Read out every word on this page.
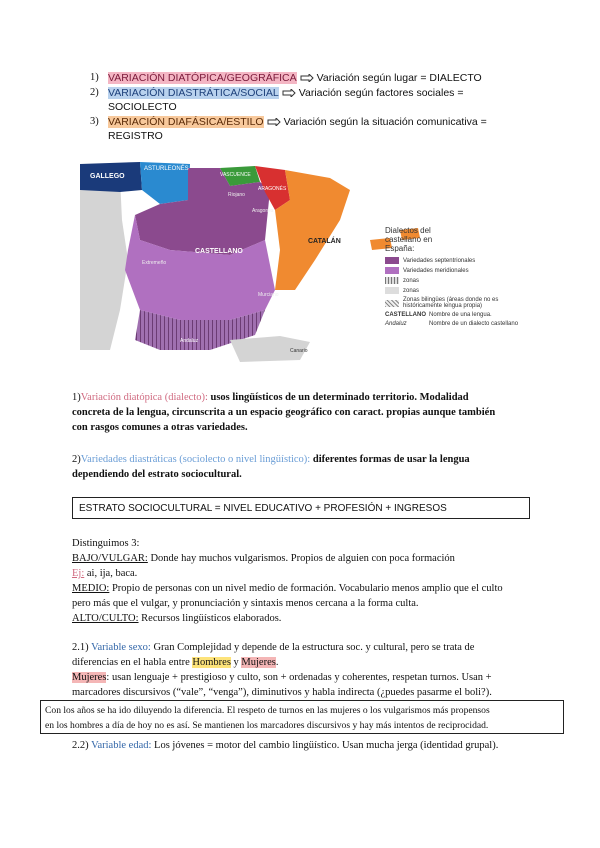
1) VARIACIÓN DIATÓPICA/GEOGRÁFICA Variación según lugar = DIALECTO
2) VARIACIÓN DIASTRÁTICA/SOCIAL Variación según factores sociales =
SOCIOLECTO
3) VARIACIÓN DIAFÁSICA/ESTILO Variación según la situación comunicativa =
REGISTRO
GALLEGO
ASTURLEONÉS
VASCUENCE
ARAGONÉS
Aragonés
Riojano
CASTELLANO
CATALÁN
Extremeño
Murciano
Andaluz
Canario
Dialectos del castellano en España:
Variedades septentrionales
Variedades meridionales
zonas
zonas
Zonas bilingües (áreas donde no es históricamente lengua propia)
CASTELLANO Nombre de una lengua.
Andaluz	Nombre de un dialecto castellano
1)Variación diatópica (dialecto): usos lingüísticos de un determinado territorio. Modalidad
concreta de la lengua, circunscrita a un espacio geográfico con caract. propias aunque también
con rasgos comunes a otras variedades.
2)Variedades diastráticas (sociolecto o nivel lingüístico): diferentes formas de usar la lengua
dependiendo del estrato sociocultural.
ESTRATO SOCIOCULTURAL = NIVEL EDUCATIVO + PROFESIÓN + INGRESOS
Distinguimos 3:
BAJO/VULGAR: Donde hay muchos vulgarismos. Propios de alguien con poca formación
Ej: ai, ija, baca.
MEDIO: Propio de personas con un nivel medio de formación. Vocabulario menos amplio que el culto
pero más que el vulgar, y pronunciación y sintaxis menos cercana a la forma culta.
ALTO/CULTO: Recursos lingüísticos elaborados.
2.1) Variable sexo: Gran Complejidad y depende de la estructura soc. y cultural, pero se trata de
diferencias en el habla entre Hombres y Mujeres.
Mujeres: usan lenguaje + prestigioso y culto, son + ordenadas y coherentes, respetan turnos. Usan +
marcadores discursivos (“vale”, “venga”), diminutivos y habla indirecta (¿puedes pasarme el boli?).
Con los años se ha ido diluyendo la diferencia. El respeto de turnos en las mujeres o los vulgarismos más propensos
en los hombres a día de hoy no es así. Se mantienen los marcadores discursivos y hay más intentos de reciprocidad.
2.2) Variable edad: Los jóvenes = motor del cambio lingüístico. Usan mucha jerga (identidad grupal).
